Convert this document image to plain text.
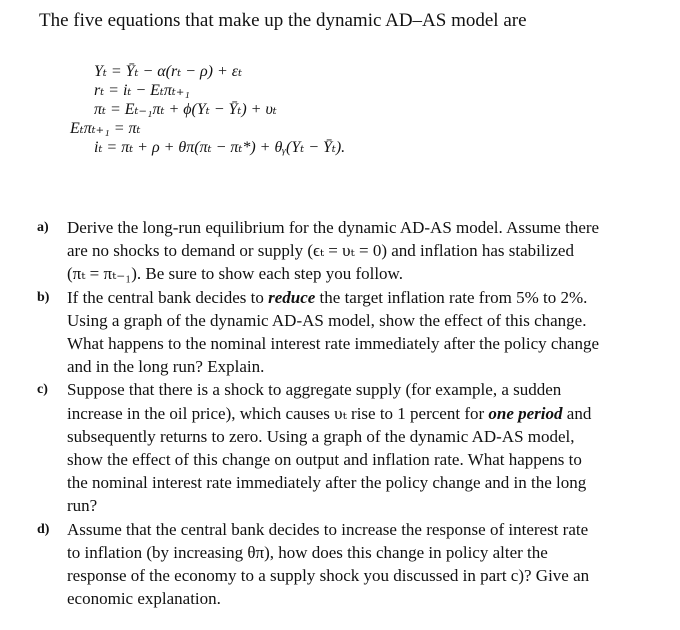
The five equations that make up the dynamic AD–AS model are
Yₜ = Ȳₜ − α(rₜ − ρ) + εₜ
rₜ = iₜ − Eₜπₜ₊₁
πₜ = Eₜ₋₁πₜ + ϕ(Yₜ − Ȳₜ) + υₜ
Eₜπₜ₊₁ = πₜ
iₜ = πₜ + ρ + θπ(πₜ − πₜ*) + θᵧ(Yₜ − Ȳₜ).
a)	Derive the long-run equilibrium for the dynamic AD-AS model. Assume there
are no shocks to demand or supply (ϵₜ = υₜ = 0) and inflation has stabilized
(πₜ = πₜ₋₁). Be sure to show each step you follow.
b)	If the central bank decides to reduce the target inflation rate from 5% to 2%.
Using a graph of the dynamic AD-AS model, show the effect of this change.
What happens to the nominal interest rate immediately after the policy change
and in the long run? Explain.
c)	Suppose that there is a shock to aggregate supply (for example, a sudden
increase in the oil price), which causes υₜ rise to 1 percent for one period and
subsequently returns to zero. Using a graph of the dynamic AD-AS model,
show the effect of this change on output and inflation rate. What happens to
the nominal interest rate immediately after the policy change and in the long
run?
d)	Assume that the central bank decides to increase the response of interest rate
to inflation (by increasing θπ), how does this change in policy alter the
response of the economy to a supply shock you discussed in part c)? Give an
economic explanation.
